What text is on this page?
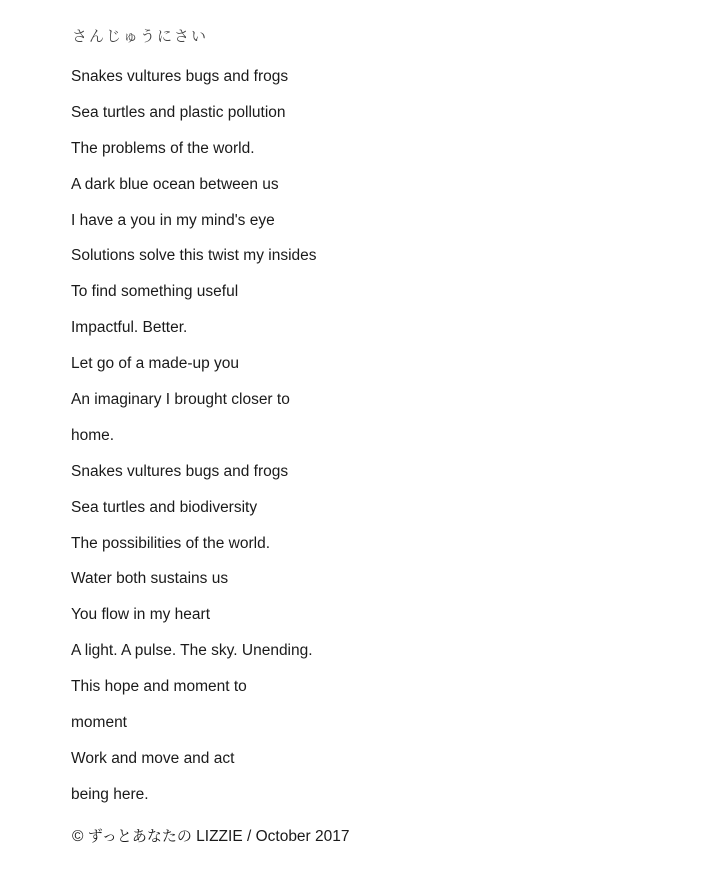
さんじゅうにさい
Snakes vultures bugs and frogs
Sea turtles and plastic pollution
The problems of the world.
A dark blue ocean between us
I have a you in my mind's eye
Solutions solve this twist my insides
To find something useful
Impactful. Better.
Let go of a made-up you
An imaginary I brought closer to
home.
Snakes vultures bugs and frogs
Sea turtles and biodiversity
The possibilities of the world.
Water both sustains us
You flow in my heart
A light. A pulse. The sky. Unending.
This hope and moment to
moment
Work and move and act
being here.
© ずっとあなたの LIZZIE / October 2017
